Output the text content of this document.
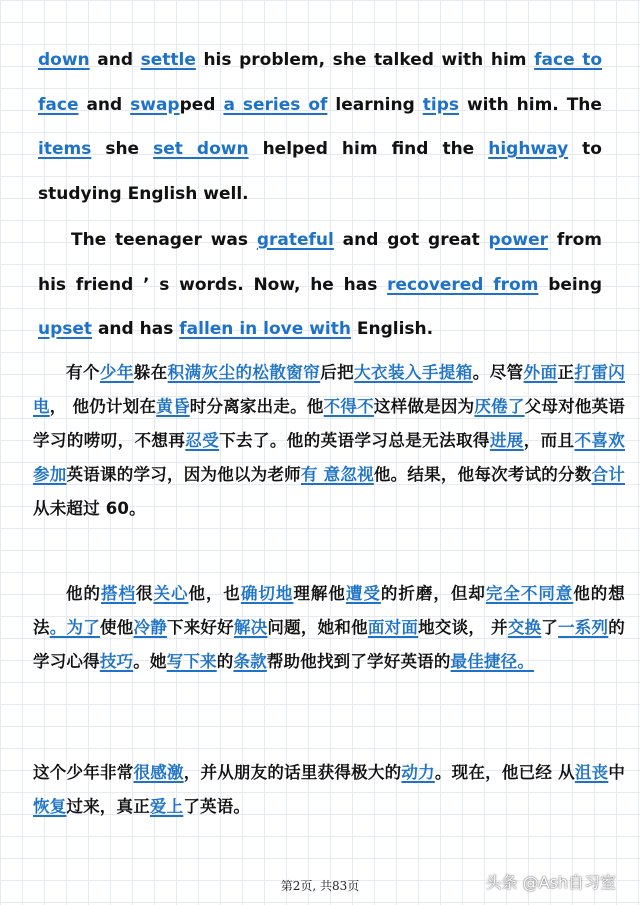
down and settle his problem, she talked with him face to face and swapped a series of learning tips with him. The items she set down helped him find the highway to studying English well.

The teenager was grateful and got great power from his friend ’ s words. Now, he has recovered from being upset and has fallen in love with English.

有个少年躲在积满灰尘的松散窗帘后把大衣装入手提箱。尽管外面正打雷闪电， 他仍计划在黄昏时分离家出走。他不得不这样做是因为厌倦了父母对他英语学习的唠叨，不想再忍受下去了。他的英语学习总是无法取得进展，而且不喜欢参加英语课的学习，因为他以为老师有 意忽视他。结果，他每次考试的分数合计从未超过 60。

他的搭档很关心他，也确切地理解他遭受的折磨，但却完全不同意他的想法。为了使他冷静下来好好解决问题，她和他面对面地交谈， 并交换了一系列的学习心得技巧。她写下来的条款帮助他找到了学好英语的最佳捷径。

这个少年非常很感激，并从朋友的话里获得极大的动力。现在，他已经 从沮丧中恢复过来，真正爱上了英语。

第2页, 共83页	头条 @Ash自习室
